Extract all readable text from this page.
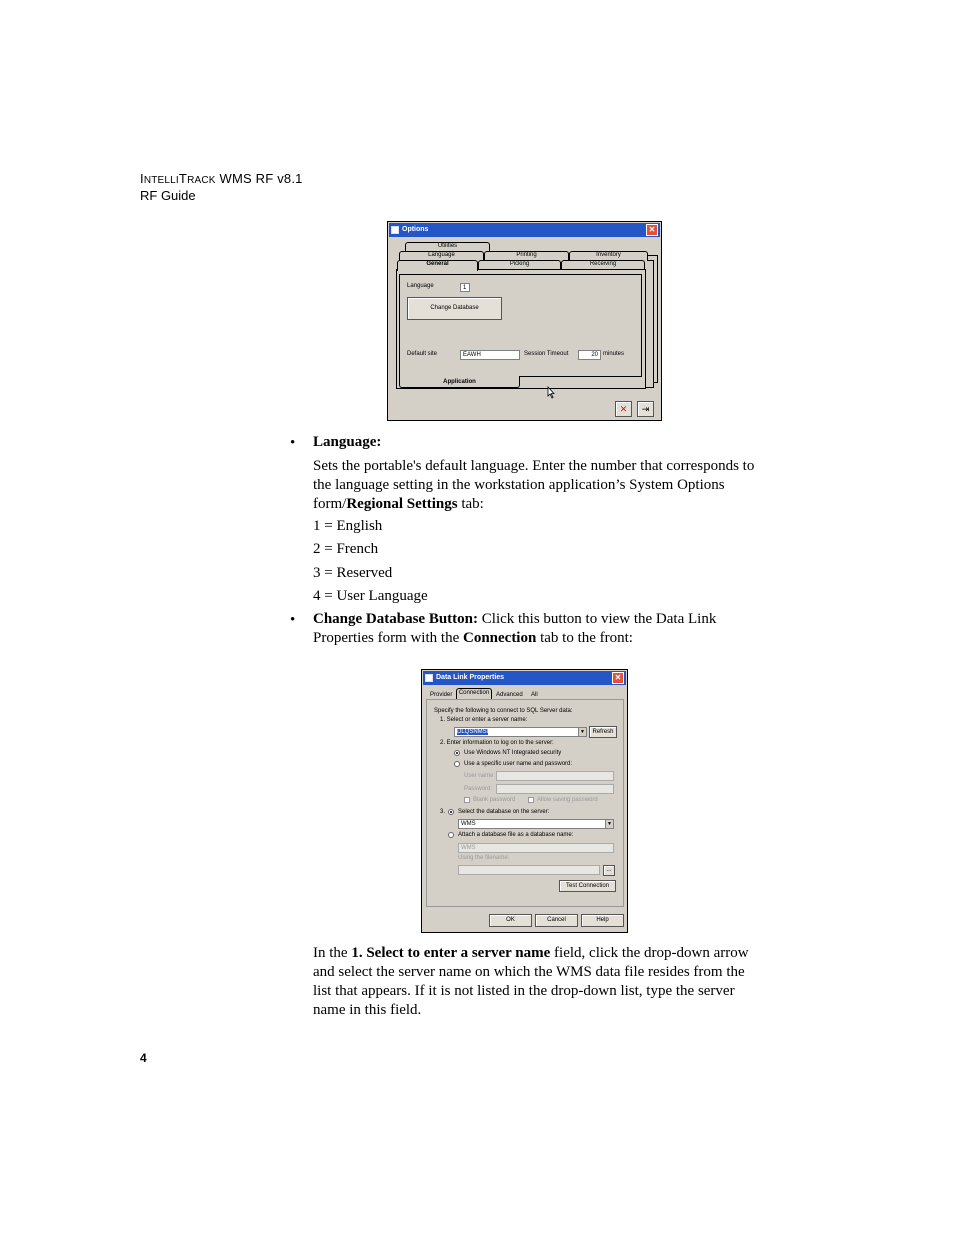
INTELLITRACK WMS RF v8.1
RF Guide
Options	✕
Utilities
Language	Printing	Inventory
Picking	Receiving
General
Language	1
Change Database
Default site	EAWH	Session Timeout	20 minutes
Application
✕	⇥
• Language:
Sets the portable's default language. Enter the number that corresponds to the language setting in the workstation application’s System Options form/Regional Settings tab:
1 = English
2 = French
3 = Reserved
4 = User Language
• Change Database Button: Click this button to view the Data Link Properties form with the Connection tab to the front:
Data Link Properties	✕
Provider	Connection	Advanced All
Specify the following to connect to SQL Server data:
1. Select or enter a server name:
DLQSNMSI	▼	Refresh
2. Enter information to log on to the server:
Use Windows NT Integrated security
Use a specific user name and password:
User name:
Password:
Blank password	Allow saving password
3. Select the database on the server:
WMS	▼
Attach a database file as a database name:
WMS
Using the filename:
...
Test Connection
OK	Cancel	Help
In the 1. Select to enter a server name field, click the drop-down arrow and select the server name on which the WMS data file resides from the list that appears. If it is not listed in the drop-down list, type the server name in this field.
4
